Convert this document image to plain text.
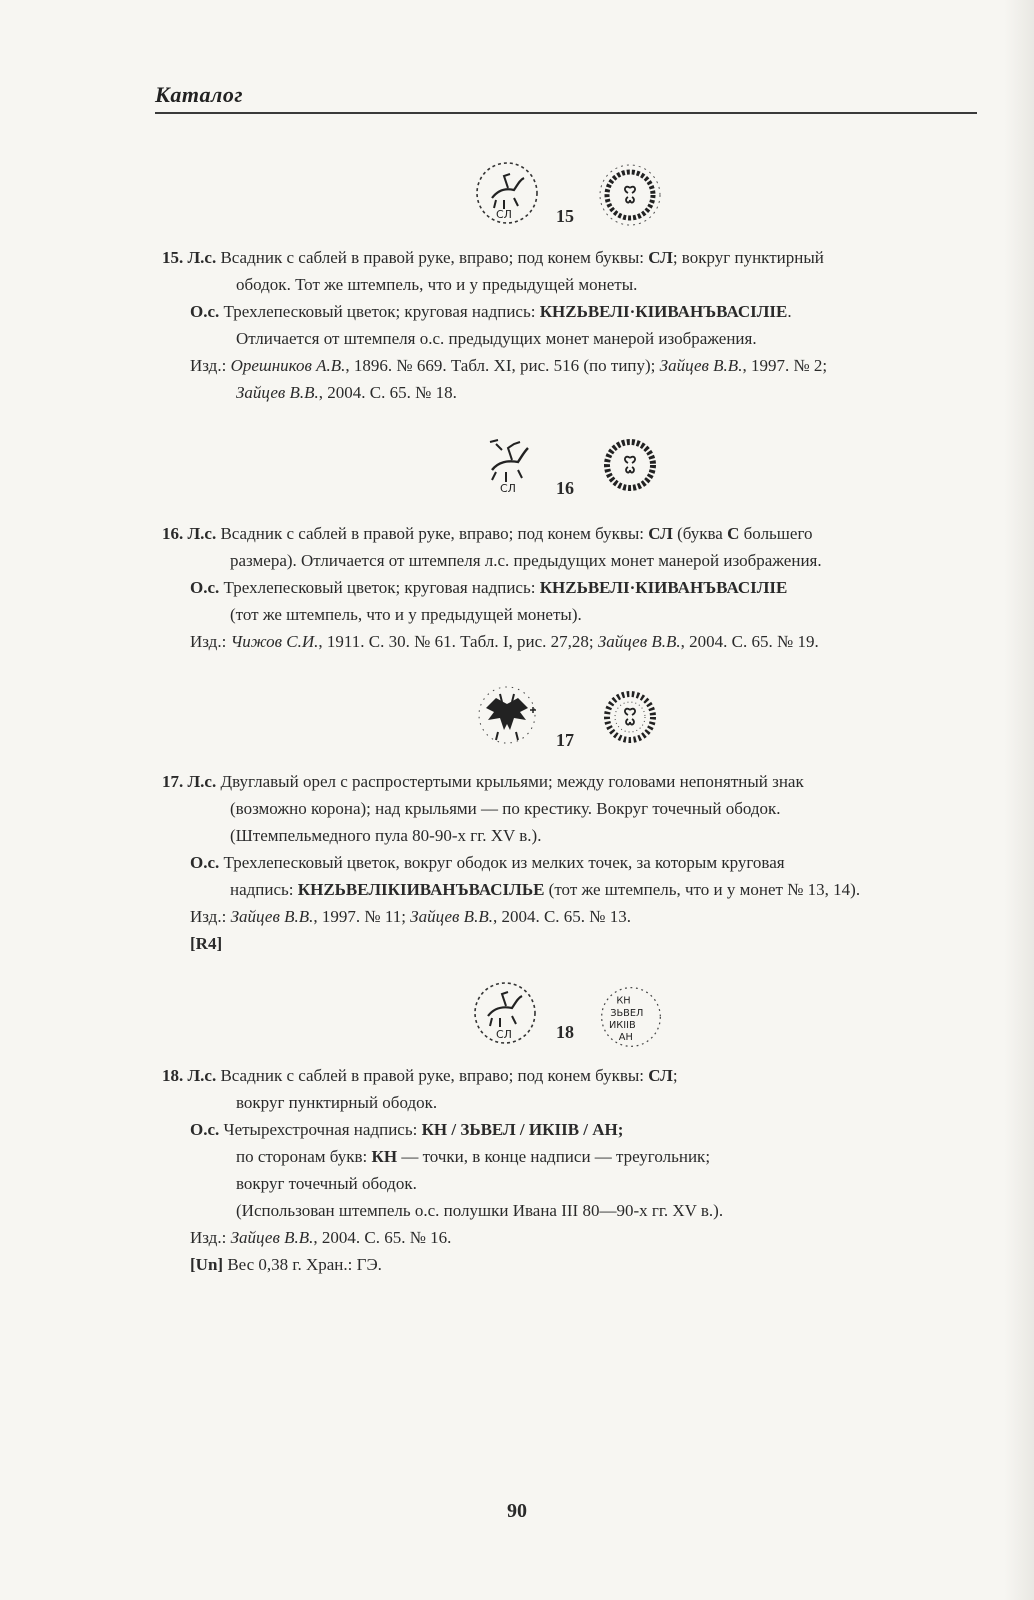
Каталог
СЛ 15

15. Л.с. Всадник с саблей в правой руке, вправо; под конем буквы: СЛ; вокруг пунктирный

ободок. Тот же штемпель, что и у предыдущей монеты.

О.с. Трехлепесковый цветок; круговая надпись: КНZЬВЕЛІ·КІИВАНЪВАСІЛІЕ.

Отличается от штемпеля о.с. предыдущих монет манерой изображения.

Изд.: Орешников А.В., 1896. № 669. Табл. XI, рис. 516 (по типу); Зайцев В.В., 1997. № 2;

Зайцев В.В., 2004. С. 65. № 18.

СЛ 16

16. Л.с. Всадник с саблей в правой руке, вправо; под конем буквы: СЛ (буква С большего

размера). Отличается от штемпеля л.с. предыдущих монет манерой изображения.

О.с. Трехлепесковый цветок; круговая надпись: КНZЬВЕЛІ·КІИВАНЪВАСІЛІЕ

(тот же штемпель, что и у предыдущей монеты).

Изд.: Чижов С.И., 1911. С. 30. № 61. Табл. I, рис. 27,28; Зайцев В.В., 2004. С. 65. № 19.

17

17. Л.с. Двуглавый орел с распростертыми крыльями; между головами непонятный знак

(возможно корона); над крыльями — по крестику. Вокруг точечный ободок.

(Штемпельмедного пула 80-90-х гг. XV в.).

О.с. Трехлепесковый цветок, вокруг ободок из мелких точек, за которым круговая

надпись: КНZЬВЕЛІКІИВАНЪВАСІЛЬЕ (тот же штемпель, что и у монет № 13, 14).

Изд.: Зайцев В.В., 1997. № 11; Зайцев В.В., 2004. С. 65. № 13.

[R4]

СЛ 18
КН
ЗЬВЕЛ
ИКІІВ
АН

18. Л.с. Всадник с саблей в правой руке, вправо; под конем буквы: СЛ;

вокруг пунктирный ободок.

О.с. Четырехстрочная надпись: КН / ЗЬВЕЛ / ИКІІВ / АН;

по сторонам букв: КН — точки, в конце надписи — треугольник;

вокруг точечный ободок.

(Использован штемпель о.с. полушки Ивана III 80—90-х гг. XV в.).

Изд.: Зайцев В.В., 2004. С. 65. № 16.

[Un] Вес 0,38 г. Хран.: ГЭ.

90
